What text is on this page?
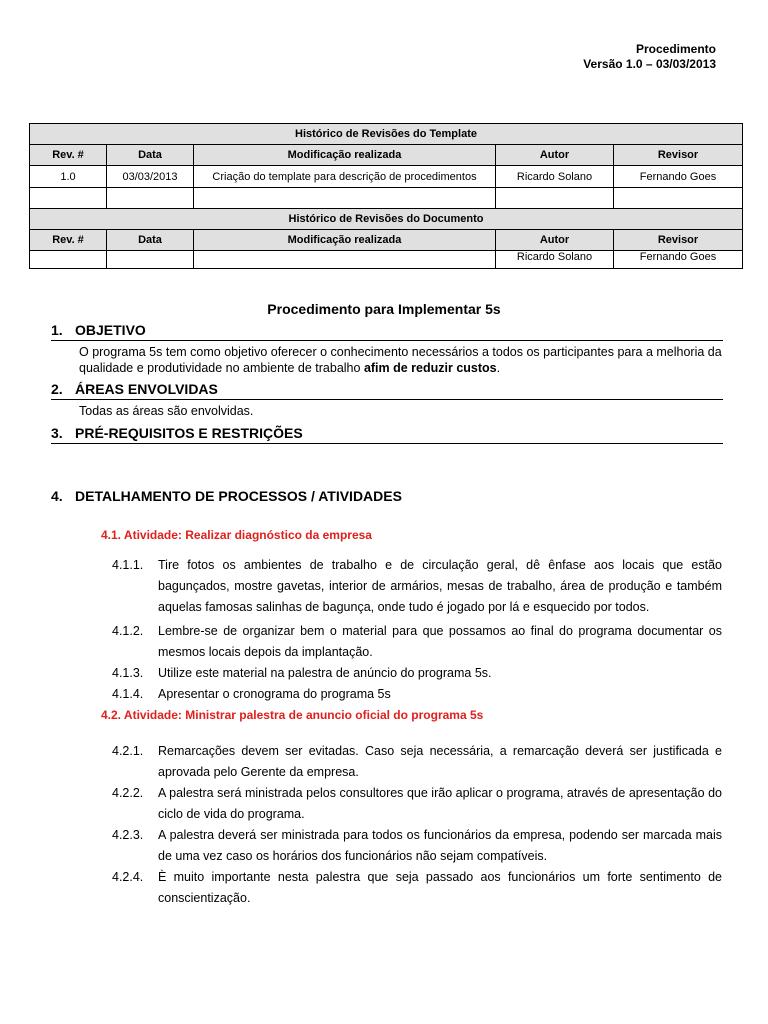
Procedimento
Versão 1.0 – 03/03/2013
Histórico de Revisões do Template				
Rev. #	Data	Modificação realizada	Autor	Revisor
1.0	03/03/2013	Criação do template para descrição de procedimentos	Ricardo Solano	Fernando Goes

Histórico de Revisões do Documento				
Rev. #	Data	Modificação realizada	Autor	Revisor
			Ricardo Solano	Fernando Goes
Procedimento para Implementar 5s
1. OBJETIVO
O programa 5s tem como objetivo oferecer o conhecimento necessários a todos os participantes para a melhoria da qualidade e produtividade no ambiente de trabalho afim de reduzir custos.
2. ÁREAS ENVOLVIDAS
Todas as áreas são envolvidas.
3. PRÉ-REQUISITOS E RESTRIÇÕES
4. DETALHAMENTO DE PROCESSOS / ATIVIDADES
4.1. Atividade: Realizar diagnóstico da empresa
4.1.1. Tire fotos os ambientes de trabalho e de circulação geral, dê ênfase aos locais que estão bagunçados, mostre gavetas, interior de armários, mesas de trabalho, área de produção e também aquelas famosas salinhas de bagunça, onde tudo é jogado por lá e esquecido por todos.
4.1.2. Lembre-se de organizar bem o material para que possamos ao final do programa documentar os mesmos locais depois da implantação.
4.1.3. Utilize este material na palestra de anúncio do programa 5s.
4.1.4. Apresentar o cronograma do programa 5s
4.2. Atividade: Ministrar palestra de anuncio oficial do programa 5s
4.2.1. Remarcações devem ser evitadas. Caso seja necessária, a remarcação deverá ser justificada e aprovada pelo Gerente da empresa.
4.2.2. A palestra será ministrada pelos consultores que irão aplicar o programa, através de apresentação do ciclo de vida do programa.
4.2.3. A palestra deverá ser ministrada para todos os funcionários da empresa, podendo ser marcada mais de uma vez caso os horários dos funcionários não sejam compatíveis.
4.2.4. È muito importante nesta palestra que seja passado aos funcionários um forte sentimento de conscientização.
